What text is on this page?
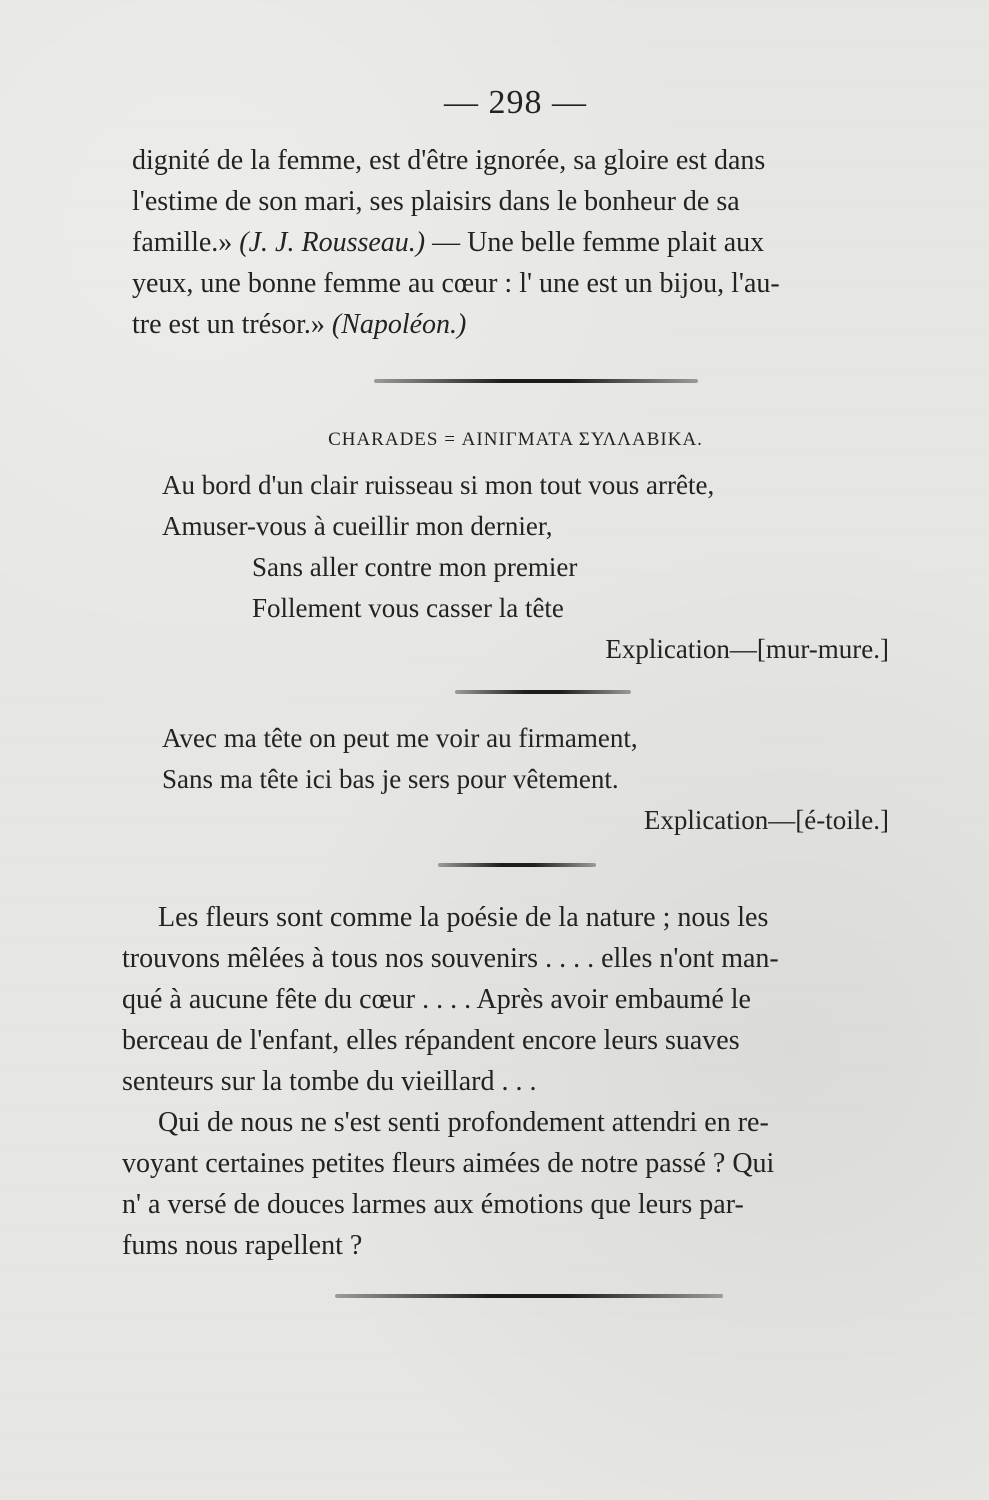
— 298 —

dignité de la femme, est d'être ignorée, sa gloire est dans

l'estime de son mari, ses plaisirs dans le bonheur de sa

famille.» (J. J. Rousseau.) — Une belle femme plait aux

yeux, une bonne femme au cœur : l' une est un bijou, l'au-

tre est un trésor.» (Napoléon.)

CHARADES = ΑΙΝΙΓΜΑΤΑ ΣΥΛΛΑΒΙΚΑ.
Au bord d'un clair ruisseau si mon tout vous arrête,
Amuser-vous à cueillir mon dernier,
Sans aller contre mon premier
Follement vous casser la tête
Explication—[mur-mure.]
Avec ma tête on peut me voir au firmament,
Sans ma tête ici bas je sers pour vêtement.
Explication—[é-toile.]

Les fleurs sont comme la poésie de la nature ; nous les

trouvons mêlées à tous nos souvenirs . . . . elles n'ont man-

qué à aucune fête du cœur . . . . Après avoir embaumé le

berceau de l'enfant, elles répandent encore leurs suaves

senteurs sur la tombe du vieillard . . .

Qui de nous ne s'est senti profondement attendri en re-

voyant certaines petites fleurs aimées de notre passé ? Qui

n' a versé de douces larmes aux émotions que leurs par-

fums nous rapellent ?
